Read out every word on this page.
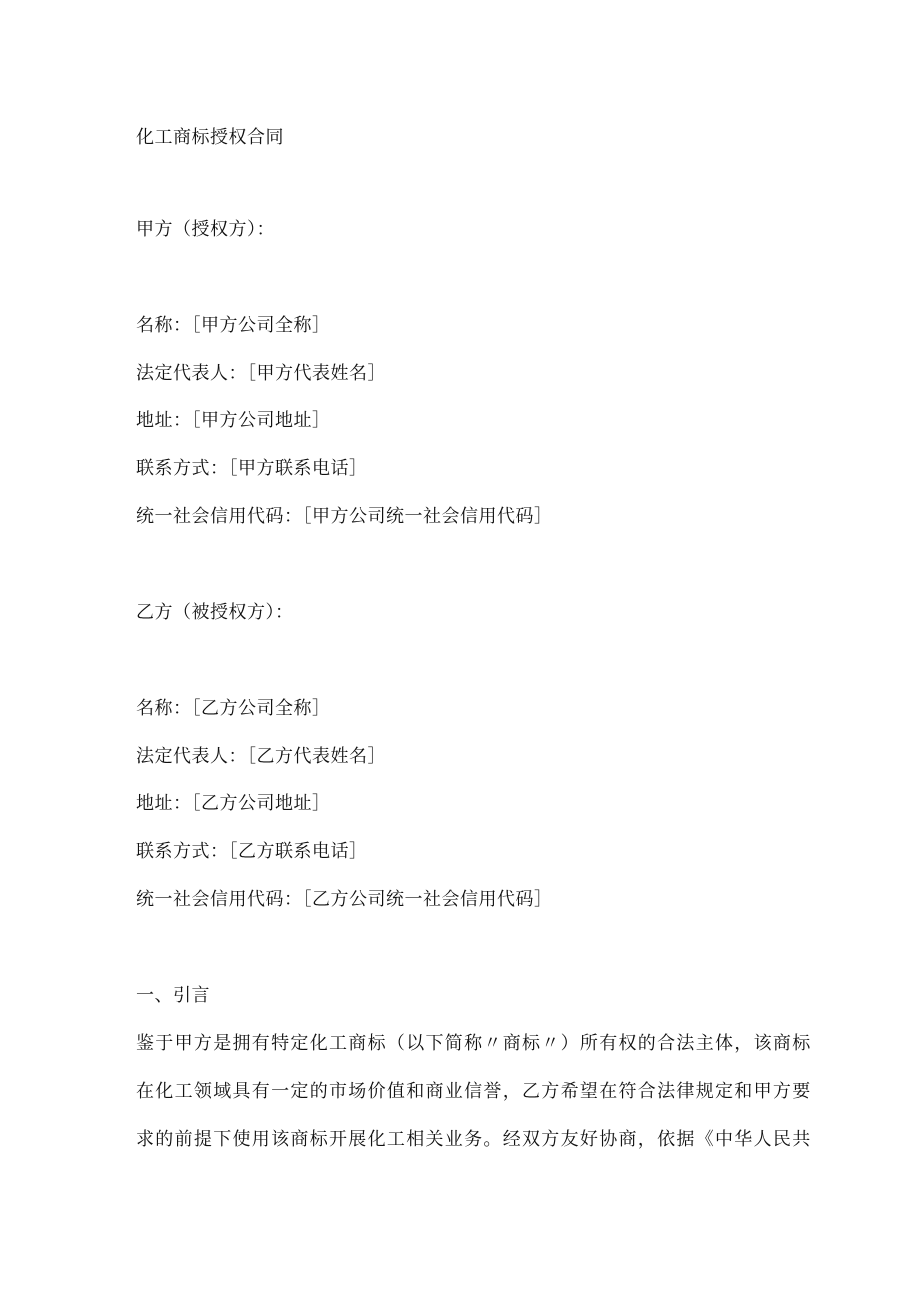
化工商标授权合同
甲方（授权方）：
名称：［甲方公司全称］
法定代表人：［甲方代表姓名］
地址：［甲方公司地址］
联系方式：［甲方联系电话］
统一社会信用代码：［甲方公司统一社会信用代码］
乙方（被授权方）：
名称：［乙方公司全称］
法定代表人：［乙方代表姓名］
地址：［乙方公司地址］
联系方式：［乙方联系电话］
统一社会信用代码：［乙方公司统一社会信用代码］
一、引言
鉴于甲方是拥有特定化工商标（以下简称〃商标〃）所有权的合法主体，该商标
在化工领域具有一定的市场价值和商业信誉，乙方希望在符合法律规定和甲方要
求的前提下使用该商标开展化工相关业务。经双方友好协商，依据《中华人民共
